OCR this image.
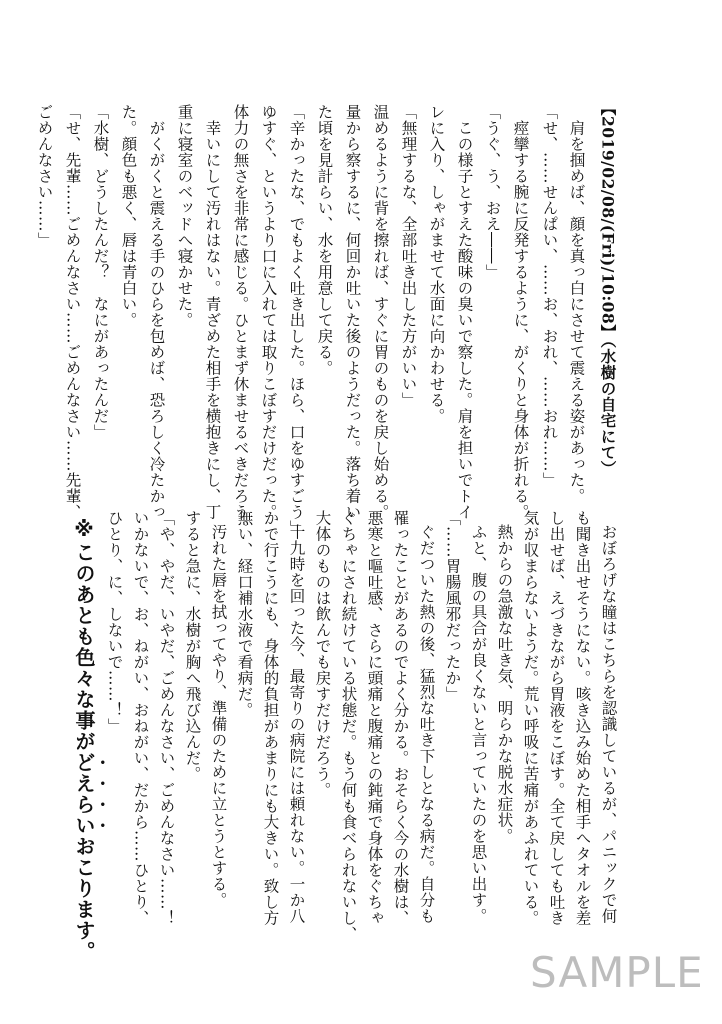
【2019/02/08/(Fri)/10:08】（水樹の自宅にて）
肩を掴めば、顔を真っ白にさせて震える姿があった。
「せ、……せんぱい、……お、おれ、……おれ……」
痙攣する腕に反発するように、がくりと身体が折れる。
「うぐ、う、おえ――」
この様子とすえた酸味の臭いで察した。肩を担いでトイ
レに入り、しゃがませて水面に向かわせる。
「無理するな、全部吐き出した方がいい」
温めるように背を擦れば、すぐに胃のものを戻し始める。
量から察するに、何回か吐いた後のようだった。落ち着い
た頃を見計らい、水を用意して戻る。
「辛かったな、でもよく吐き出した。ほら、口をゆすごう」
ゆすぐ、というより口に入れては取りこぼすだけだった。
体力の無さを非常に感じる。ひとまず休ませるべきだろう。
幸いにして汚れはない。青ざめた相手を横抱きにし、丁
重に寝室のベッドへ寝かせた。
がくがくと震える手のひらを包めば、恐ろしく冷たかっ
た。顔色も悪く、唇は青白い。
「水樹、どうしたんだ？　なにがあったんだ」
「せ、先輩……ごめんなさい……ごめんなさい……先輩、
ごめんなさい……」
おぼろげな瞳はこちらを認識しているが、パニックで何
も聞き出せそうにない。咳き込み始めた相手へタオルを差
し出せば、えづきながら胃液をこぼす。全て戻しても吐き
気が収まらないようだ。荒い呼吸に苦痛があふれている。
熱からの急激な吐き気、明らかな脱水症状。
ふと、腹の具合が良くないと言っていたのを思い出す。
「……胃腸風邪だったか」
ぐだついた熱の後、猛烈な吐き下しとなる病だ。自分も
罹ったことがあるのでよく分かる。おそらく今の水樹は、
悪寒と嘔吐感、さらに頭痛と腹痛との鈍痛で身体をぐちゃ
ぐちゃにされ続けている状態だ。もう何も食べられないし、
大体のものは飲んでも戻すだけだろう。
十九時を回った今、最寄りの病院には頼れない。一か八
かで行こうにも、身体的負担があまりにも大きい。致し方
無い、経口補水液で看病だ。
汚れた唇を拭ってやり、準備のために立とうとする。
すると急に、水樹が胸へ飛び込んだ。
「や、やだ、いやだ、ごめんなさい、ごめんなさい……！
いかないで、お、ねがい、おねがい、だから……ひとり、
ひとり、に、しないで……！」
※このあとも色々な事がどえらいおこります。
SAMPLE
